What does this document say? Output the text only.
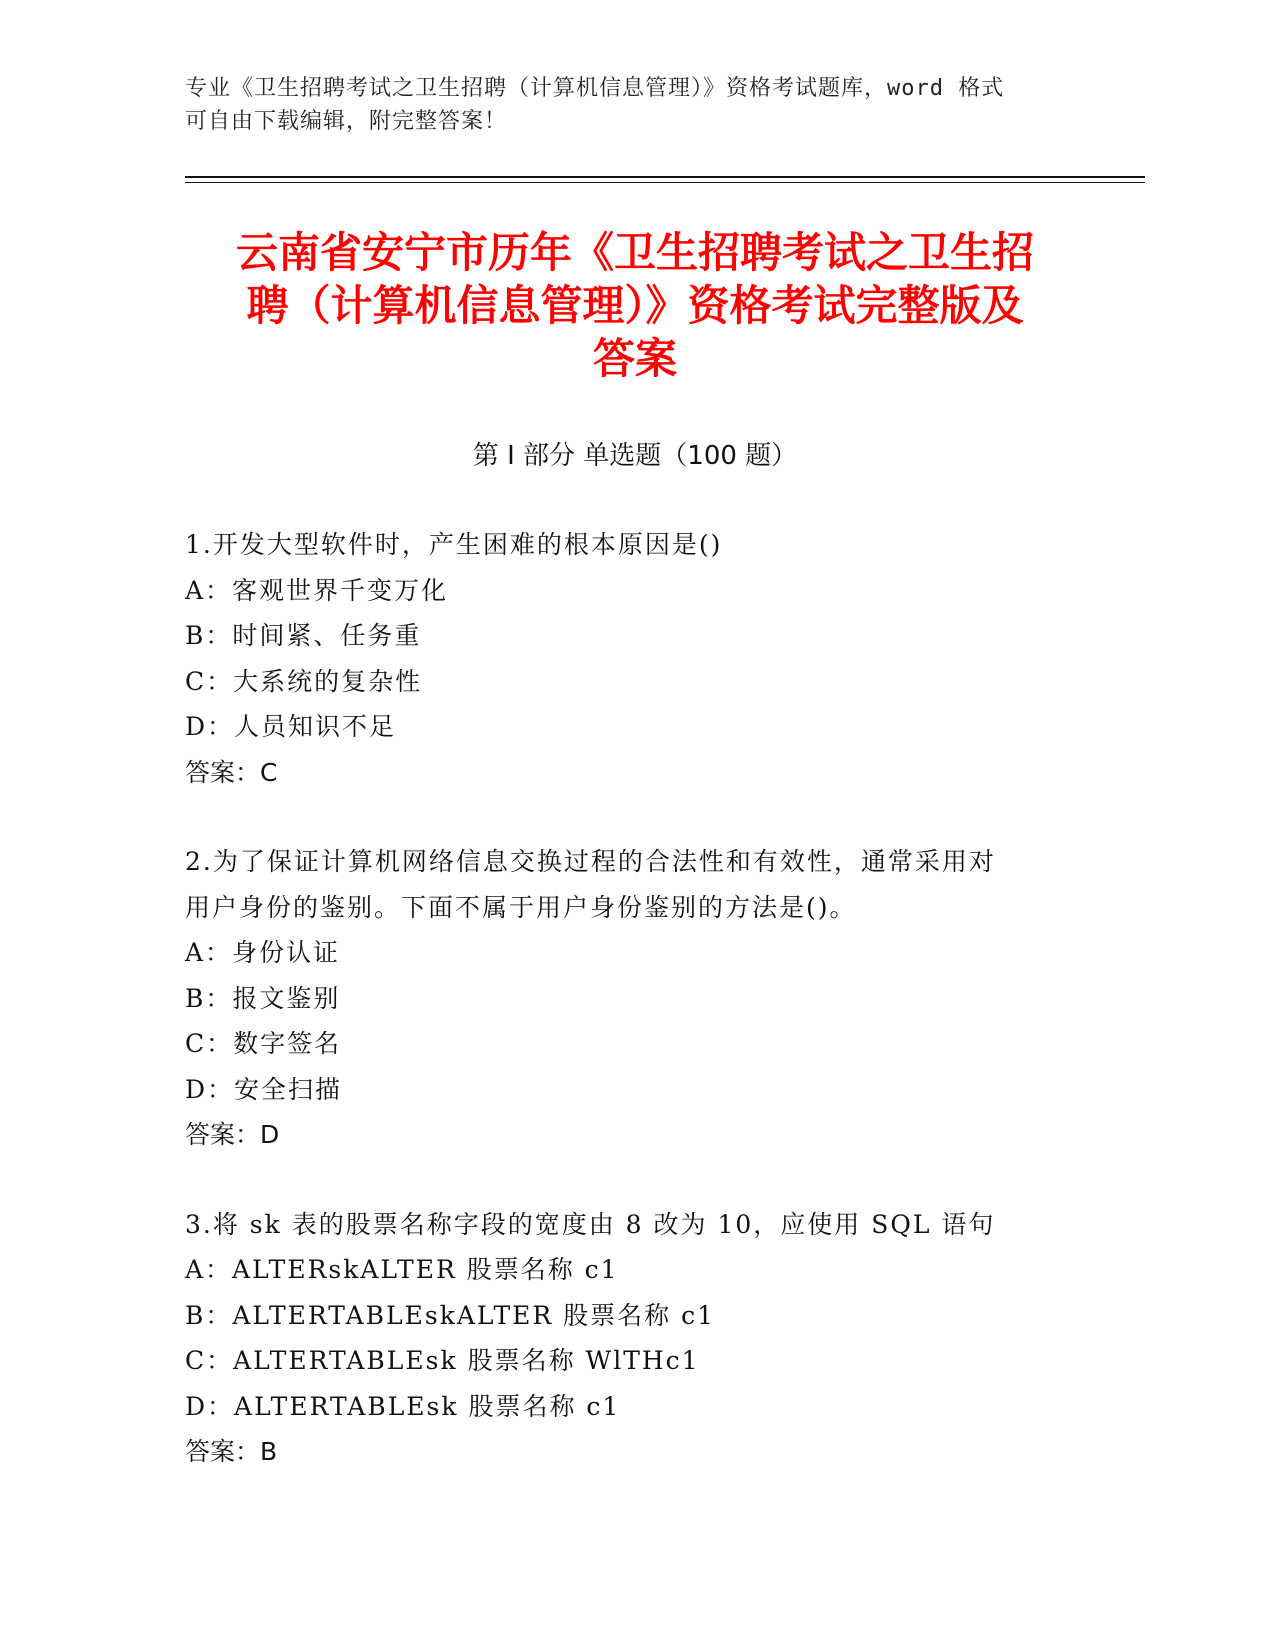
专业《卫生招聘考试之卫生招聘（计算机信息管理）》资格考试题库，word 格式
可自由下载编辑，附完整答案！
云南省安宁市历年《卫生招聘考试之卫生招
聘（计算机信息管理）》资格考试完整版及
答案
第 I 部分 单选题（100 题）

1.开发大型软件时，产生困难的根本原因是()

A：客观世界千变万化

B：时间紧、任务重

C：大系统的复杂性

D：人员知识不足

答案：C

2.为了保证计算机网络信息交换过程的合法性和有效性，通常采用对

用户身份的鉴别。下面不属于用户身份鉴别的方法是()。

A：身份认证

B：报文鉴别

C：数字签名

D：安全扫描

答案：D

3.将 sk 表的股票名称字段的宽度由 8 改为 10，应使用 SQL 语句

A：ALTERskALTER 股票名称 c1

B：ALTERTABLEskALTER 股票名称 c1

C：ALTERTABLEsk 股票名称 WlTHc1

D：ALTERTABLEsk 股票名称 c1

答案：B
